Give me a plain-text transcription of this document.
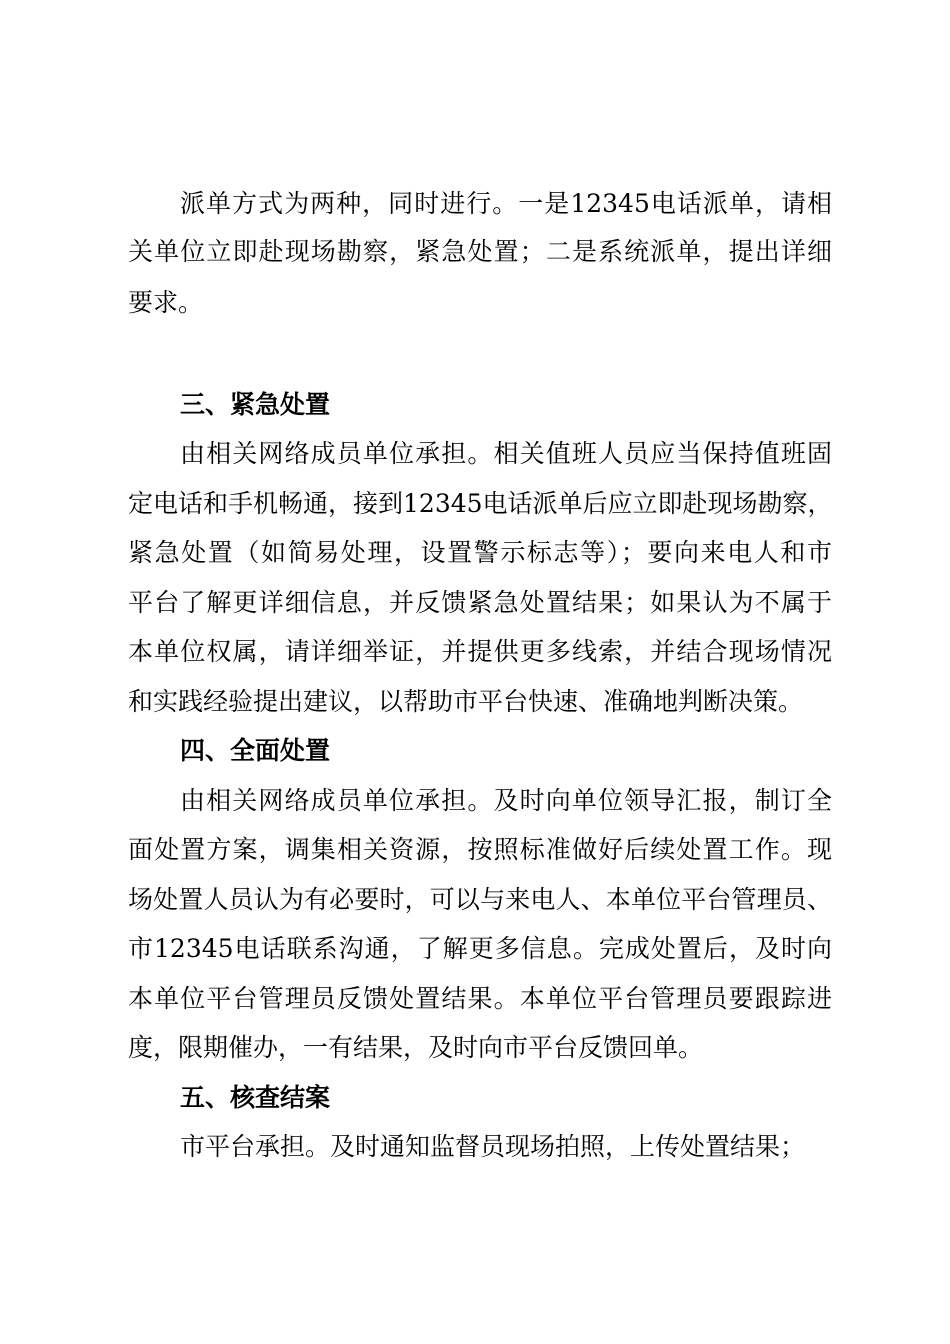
派单方式为两种，同时进行。一是12345电话派单，请相
关单位立即赴现场勘察，紧急处置；二是系统派单，提出详细
要求。
三、紧急处置
由相关网络成员单位承担。相关值班人员应当保持值班固
定电话和手机畅通，接到12345电话派单后应立即赴现场勘察，
紧急处置（如简易处理，设置警示标志等）；要向来电人和市
平台了解更详细信息，并反馈紧急处置结果；如果认为不属于
本单位权属，请详细举证，并提供更多线索，并结合现场情况
和实践经验提出建议，以帮助市平台快速、准确地判断决策。
四、全面处置
由相关网络成员单位承担。及时向单位领导汇报，制订全
面处置方案，调集相关资源，按照标准做好后续处置工作。现
场处置人员认为有必要时，可以与来电人、本单位平台管理员、
市12345电话联系沟通，了解更多信息。完成处置后，及时向
本单位平台管理员反馈处置结果。本单位平台管理员要跟踪进
度，限期催办，一有结果，及时向市平台反馈回单。
五、核查结案
市平台承担。及时通知监督员现场拍照，上传处置结果；
